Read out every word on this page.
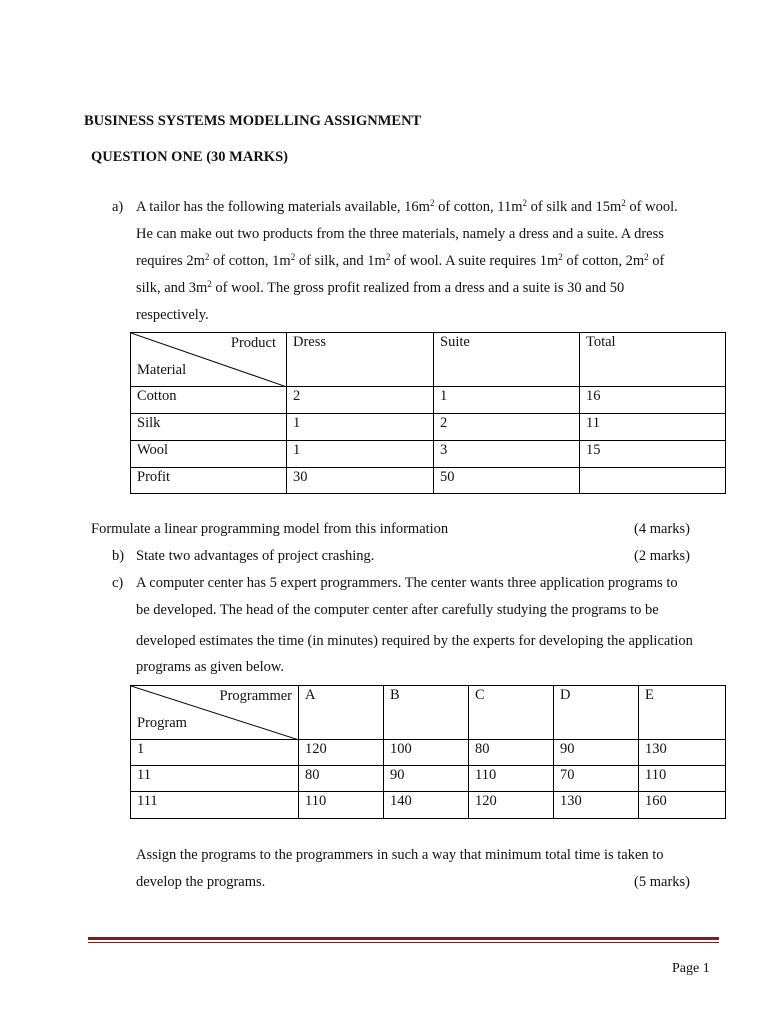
BUSINESS SYSTEMS MODELLING ASSIGNMENT
QUESTION ONE (30 MARKS)
a) A tailor has the following materials available, $16m^2$ of cotton, $11m^2$ of silk and $15m^2$ of wool.
He can make out two products from the three materials, namely a dress and a suite. A dress
requires $2m^2$ of cotton, $1m^2$ of silk, and $1m^2$ of wool. A suite requires $1m^2$ of cotton, $2m^2$ of
silk, and $3m^2$ of wool. The gross profit realized from a dress and a suite is 30 and 50
respectively.
Product
Material	Dress	Suite	Total
Cotton	2	1	16
Silk	1	2	11
Wool	1	3	15
Profit	30	50	
Formulate a linear programming model from this information	(4 marks)
b) State two advantages of project crashing.	(2 marks)
c) A computer center has 5 expert programmers. The center wants three application programs to
be developed. The head of the computer center after carefully studying the programs to be
developed estimates the time (in minutes) required by the experts for developing the application
programs as given below.
Programmer
Program	A	B	C	D	E
1	120	100	80	90	130
11	80	90	110	70	110
111	110	140	120	130	160
Assign the programs to the programmers in such a way that minimum total time is taken to
develop the programs.	(5 marks)
Page 1
